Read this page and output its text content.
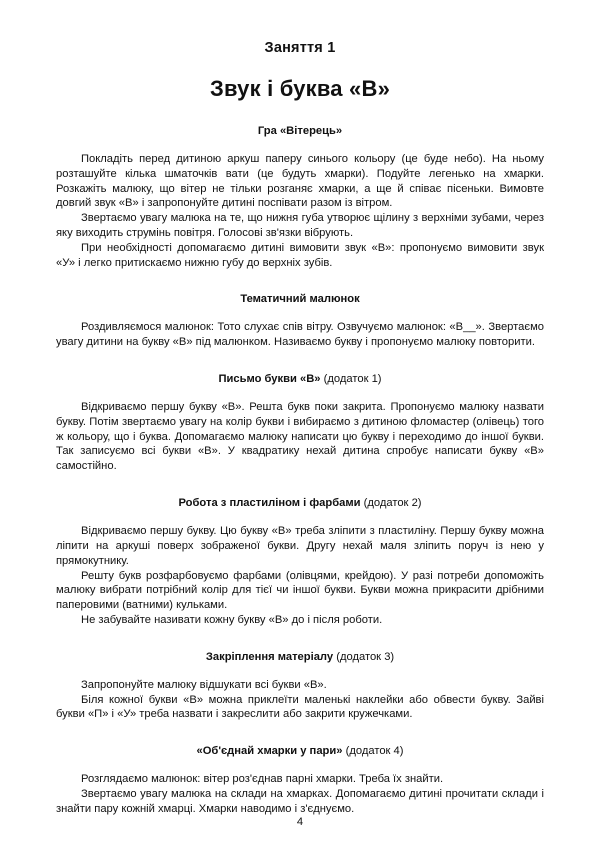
Заняття 1
Звук і буква «В»
Гра «Вітерець»

Покладіть перед дитиною аркуш паперу синього кольору (це буде небо). На ньому розташуйте кілька шматочків вати (це будуть хмарки). Подуйте легенько на хмарки. Розкажіть малюку, що вітер не тільки розганяє хмарки, а ще й співає пісеньки. Вимовте довгий звук «В» і запропонуйте дитині поспівати разом із вітром.

Звертаємо увагу малюка на те, що нижня губа утворює щілину з верхніми зубами, через яку виходить струмінь повітря. Голосові зв'язки вібрують.

При необхідності допомагаємо дитині вимовити звук «В»: пропонуємо вимовити звук «У» і легко притискаємо нижню губу до верхніх зубів.

Тематичний малюнок

Роздивляємося малюнок: Тото слухає спів вітру. Озвучуємо малюнок: «В__». Звертаємо увагу дитини на букву «В» під малюнком. Називаємо букву і пропонуємо малюку повторити.

Письмо букви «В» (додаток 1)

Відкриваємо першу букву «В». Решта букв поки закрита. Пропонуємо малюку назвати букву. Потім звертаємо увагу на колір букви і вибираємо з дитиною фломастер (олівець) того ж кольору, що і буква. Допомагаємо малюку написати цю букву і переходимо до іншої букви. Так записуємо всі букви «В». У квадратику нехай дитина спробує написати букву «В» самостійно.

Робота з пластиліном і фарбами (додаток 2)

Відкриваємо першу букву. Цю букву «В» треба зліпити з пластиліну. Першу букву можна ліпити на аркуші поверх зображеної букви. Другу нехай маля зліпить поруч із нею у прямокутнику.

Решту букв розфарбовуємо фарбами (олівцями, крейдою). У разі потреби допоможіть малюку вибрати потрібний колір для тієї чи іншої букви. Букви можна прикрасити дрібними паперовими (ватними) кульками.

Не забувайте називати кожну букву «В» до і після роботи.

Закріплення матеріалу (додаток 3)

Запропонуйте малюку відшукати всі букви «В».

Біля кожної букви «В» можна приклеїти маленькі наклейки або обвести букву. Зайві букви «П» і «У» треба назвати і закреслити або закрити кружечками.

«Об'єднай хмарки у пари» (додаток 4)

Розглядаємо малюнок: вітер роз'єднав парні хмарки. Треба їх знайти.

Звертаємо увагу малюка на склади на хмарках. Допомагаємо дитині прочитати склади і знайти пару кожній хмарці. Хмарки наводимо і з'єднуємо.

4
